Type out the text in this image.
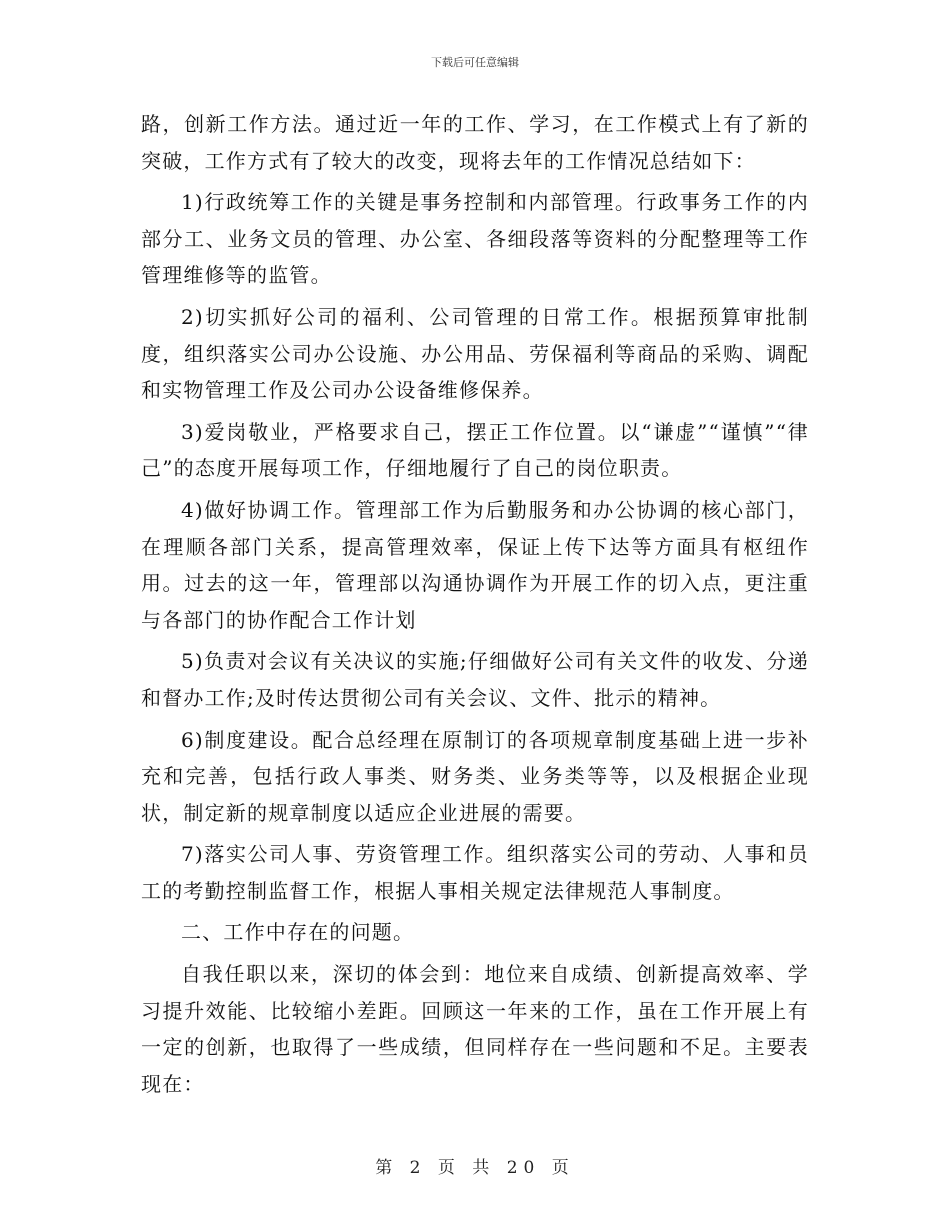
下载后可任意编辑

路，创新工作方法。通过近一年的工作、学习，在工作模式上有了新的突破，工作方式有了较大的改变，现将去年的工作情况总结如下：

1)行政统筹工作的关键是事务控制和内部管理。行政事务工作的内部分工、业务文员的管理、办公室、各细段落等资料的分配整理等工作管理维修等的监管。

2)切实抓好公司的福利、公司管理的日常工作。根据预算审批制度，组织落实公司办公设施、办公用品、劳保福利等商品的采购、调配和实物管理工作及公司办公设备维修保养。

3)爱岗敬业，严格要求自己，摆正工作位置。以“谦虚”“谨慎”“律己”的态度开展每项工作，仔细地履行了自己的岗位职责。

4)做好协调工作。管理部工作为后勤服务和办公协调的核心部门，在理顺各部门关系，提高管理效率，保证上传下达等方面具有枢纽作用。过去的这一年，管理部以沟通协调作为开展工作的切入点，更注重与各部门的协作配合工作计划

5)负责对会议有关决议的实施;仔细做好公司有关文件的收发、分递和督办工作;及时传达贯彻公司有关会议、文件、批示的精神。

6)制度建设。配合总经理在原制订的各项规章制度基础上进一步补充和完善，包括行政人事类、财务类、业务类等等，以及根据企业现状，制定新的规章制度以适应企业进展的需要。

7)落实公司人事、劳资管理工作。组织落实公司的劳动、人事和员工的考勤控制监督工作，根据人事相关规定法律规范人事制度。

二、工作中存在的问题。

自我任职以来，深切的体会到：地位来自成绩、创新提高效率、学习提升效能、比较缩小差距。回顾这一年来的工作，虽在工作开展上有一定的创新，也取得了一些成绩，但同样存在一些问题和不足。主要表现在：

第 2 页 共 20 页
